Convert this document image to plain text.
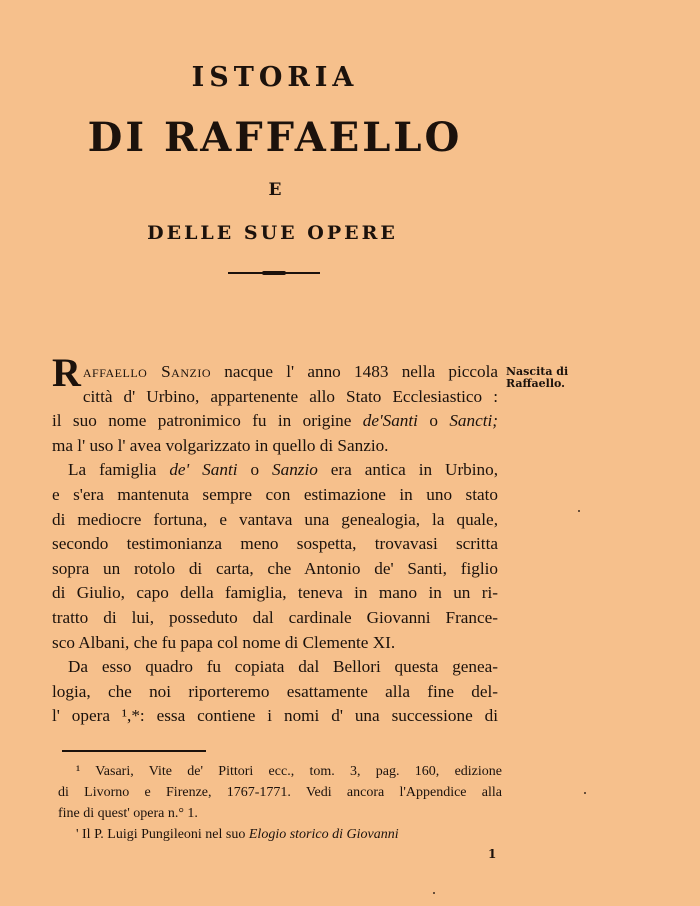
ISTORIA
DI RAFFAELLO
E
DELLE SUE OPERE
Nascita di Raffaello.
Raffaello Sanzio nacque l' anno 1483 nella piccola
città d' Urbino, appartenente allo Stato Ecclesiastico :
il suo nome patronimico fu in origine de'Santi o Sancti;
ma l' uso l' avea volgarizzato in quello di Sanzio.
La famiglia de' Santi o Sanzio era antica in Urbino,
e s'era mantenuta sempre con estimazione in uno stato
di mediocre fortuna, e vantava una genealogia, la quale,
secondo testimonianza meno sospetta, trovavasi scritta
sopra un rotolo di carta, che Antonio de' Santi, figlio
di Giulio, capo della famiglia, teneva in mano in un ri-
tratto di lui, posseduto dal cardinale Giovanni France-
sco Albani, che fu papa col nome di Clemente XI.
Da esso quadro fu copiata dal Bellori questa genea-
logia, che noi riporteremo esattamente alla fine del-
l' opera ¹,*: essa contiene i nomi d' una successione di
¹ Vasari, Vite de' Pittori ecc., tom. 3, pag. 160, edizione
di Livorno e Firenze, 1767-1771. Vedi ancora l'Appendice alla
fine di quest' opera n.° 1.
' Il P. Luigi Pungileoni nel suo Elogio storico di Giovanni
1
